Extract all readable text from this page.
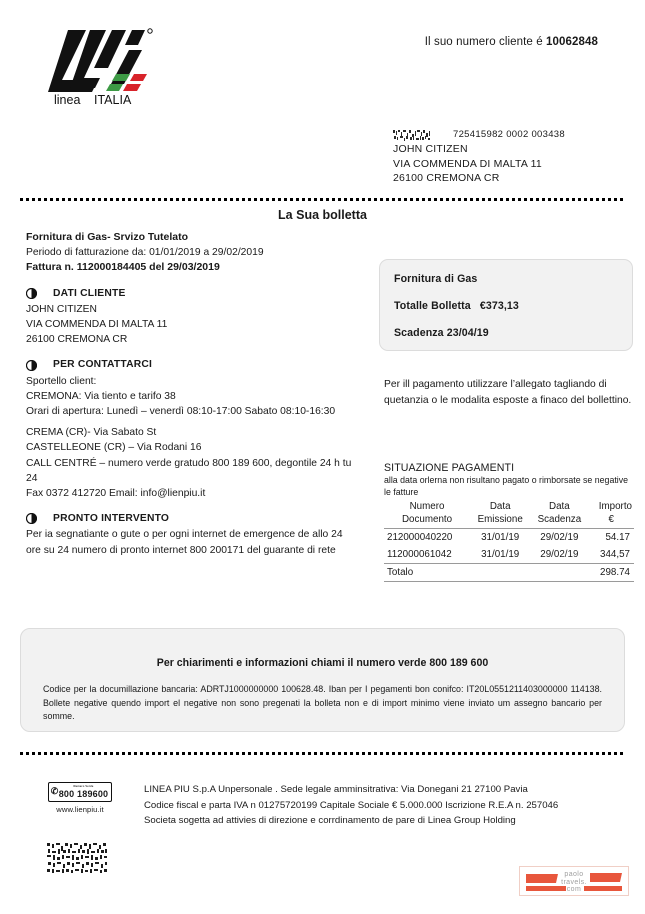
linea ITALIA
Il suo numero cliente é 10062848
725415982 0002 003438
JOHN CITIZEN
VIA COMMENDA DI MALTA 11
26100 CREMONA CR
La Sua bolletta
Fornitura di Gas- Srvizo Tutelato
Periodo di fatturazione da: 01/01/2019 a 29/02/2019
Fattura n. 112000184405 del 29/03/2019
DATI CLIENTE
JOHN CITIZEN
VIA COMMENDA DI MALTA 11
26100 CREMONA CR
PER CONTATTARCI
Sportello client:
CREMONA: Via tiento e tarifo 38
Orari di apertura: Lunedì – venerdì 08:10-17:00 Sabato 08:10-16:30
CREMA (CR)- Via Sabato St
CASTELLEONE (CR) – Via Rodani 16
CALL CENTRÉ – numero verde gratudo 800 189 600, degontile 24 h tu 24
Fax 0372 412720 Email: info@lienpiu.it
PRONTO INTERVENTO
Per ia segnatiante o gute o per ogni internet de emergence de allo 24
ore su 24 numero di pronto internet 800 200171 del guarante di rete
Fornitura di Gas
Totalle Bolletta €373,13
Scadenza 23/04/19
Per ill pagamento utilizzare l’allegato tagliando di quetanzia o le modalita esposte a finaco del bollettino.
SITUAZIONE PAGAMENTI
alla data orlerna non risultano pagato o rimborsate se negative le fatture
Numero	Data	Data	Importo
Documento	Emissione	Scadenza	€
212000040220	31/01/19	29/02/19	54.17
112000061042	31/01/19	29/02/19	344,57
Totalo			298.74
Per chiarimenti e informazioni chiami il numero verde 800 189 600
Codice per la documillazione bancaria: ADRTJ1000000000 100628.48. Iban per I pegamenti bon conifco: IT20L0551211403000000 114138. Bollete negative quendo import el negative non sono pregenati la bolleta non e di import minimo viene inviato um assegno bancario per somme.
Numero Verde
✆ 800 189600
www.lienpiu.it
LINEA PIU S.p.A Unpersonale . Sede legale amminsitrativa: Via Donegani 21 27100 Pavia
Codice fiscal e parta IVA n 01275720199 Capitale Sociale € 5.000.000 Iscrizione R.E.A n. 257046
Societa sogetta ad attivies di direzione e corrdinamento de pare di Linea Group Holding
paolo
travels.
com
